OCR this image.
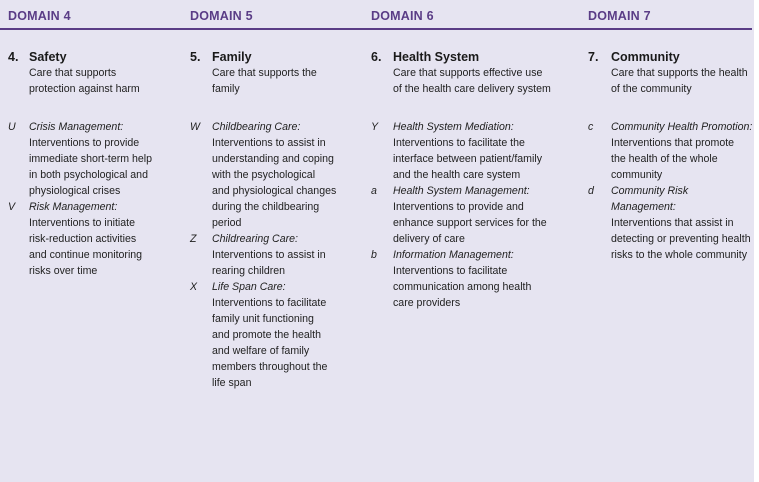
DOMAIN 4	DOMAIN 5	DOMAIN 6	DOMAIN 7
4. Safety
Care that supports
protection against harm
U Crisis Management:
Interventions to provide
immediate short-term help
in both psychological and
physiological crises
V Risk Management:
Interventions to initiate
risk-reduction activities
and continue monitoring
risks over time
5. Family
Care that supports the
family
W Childbearing Care:
Interventions to assist in
understanding and coping
with the psychological
and physiological changes
during the childbearing
period
Z Childrearing Care:
Interventions to assist in
rearing children
X Life Span Care:
Interventions to facilitate
family unit functioning
and promote the health
and welfare of family
members throughout the
life span
6. Health System
Care that supports effective use
of the health care delivery system
Y Health System Mediation:
Interventions to facilitate the
interface between patient/family
and the health care system
a Health System Management:
Interventions to provide and
enhance support services for the
delivery of care
b Information Management:
Interventions to facilitate
communication among health
care providers
7. Community
Care that supports the health
of the community
c Community Health Promotion:
Interventions that promote
the health of the whole
community
d Community Risk Management:
Interventions that assist in
detecting or preventing health
risks to the whole community
